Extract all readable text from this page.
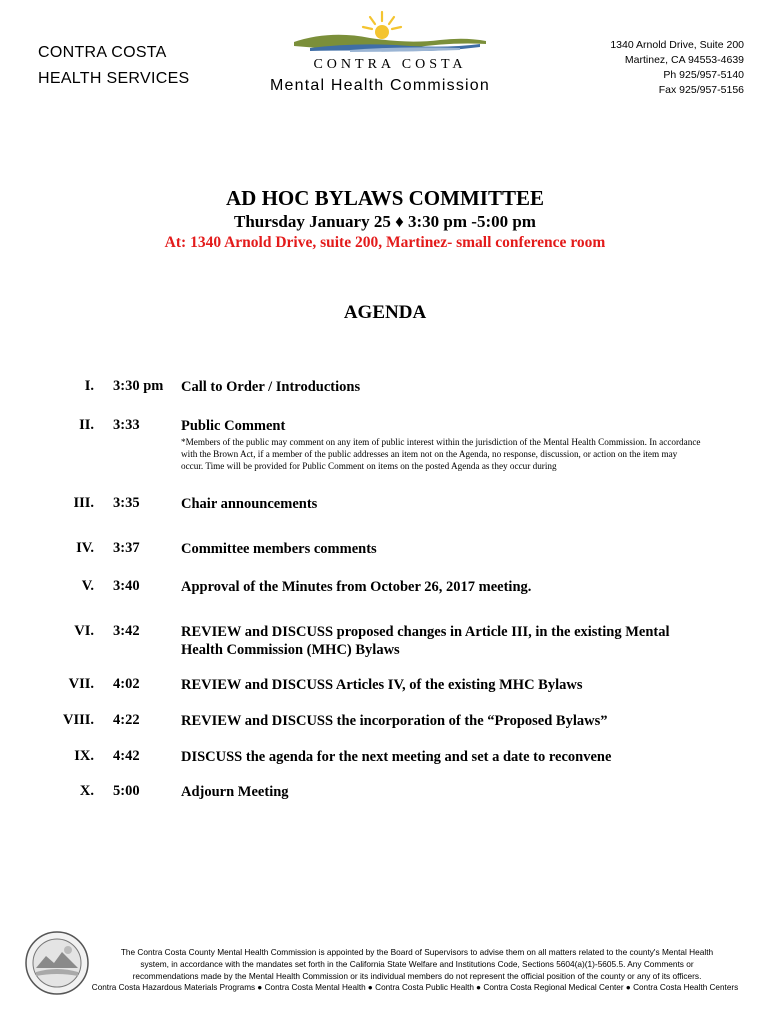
CONTRA COSTA
HEALTH SERVICES
CONTRA COSTA
Mental Health Commission
1340 Arnold Drive, Suite 200
Martinez, CA 94553-4639
Ph 925/957-5140
Fax 925/957-5156
AD HOC BYLAWS COMMITTEE
Thursday January 25 ♦ 3:30 pm -5:00 pm
At: 1340 Arnold Drive, suite 200, Martinez- small conference room
AGENDA
I. 3:30 pm Call to Order / Introductions
II. 3:33	Public Comment
*Members of the public may comment on any item of public interest within the jurisdiction of the Mental Health Commission. In accordance with the Brown Act, if a member of the public addresses an item not on the Agenda, no response, discussion, or action on the item may occur. Time will be provided for Public Comment on items on the posted Agenda as they occur during
III. 3:35	Chair announcements
IV. 3:37	Committee members comments
V. 3:40	Approval of the Minutes from October 26, 2017 meeting.
VI. 3:42	REVIEW and DISCUSS proposed changes in Article III, in the existing Mental Health Commission (MHC) Bylaws
VII. 4:02	REVIEW and DISCUSS Articles IV, of the existing MHC Bylaws
VIII. 4:22	REVIEW and DISCUSS the incorporation of the “Proposed Bylaws”
IX. 4:42	DISCUSS the agenda for the next meeting and set a date to reconvene
X. 5:00	Adjourn Meeting
The Contra Costa County Mental Health Commission is appointed by the Board of Supervisors to advise them on all matters related to the county's Mental Health system, in accordance with the mandates set forth in the California State Welfare and Institutions Code, Sections 5604(a)(1)-5605.5. Any Comments or recommendations made by the Mental Health Commission or its individual members do not represent the official position of the county or any of its officers.
Contra Costa Hazardous Materials Programs ● Contra Costa Mental Health ● Contra Costa Public Health ● Contra Costa Regional Medical Center ● Contra Costa Health Centers
